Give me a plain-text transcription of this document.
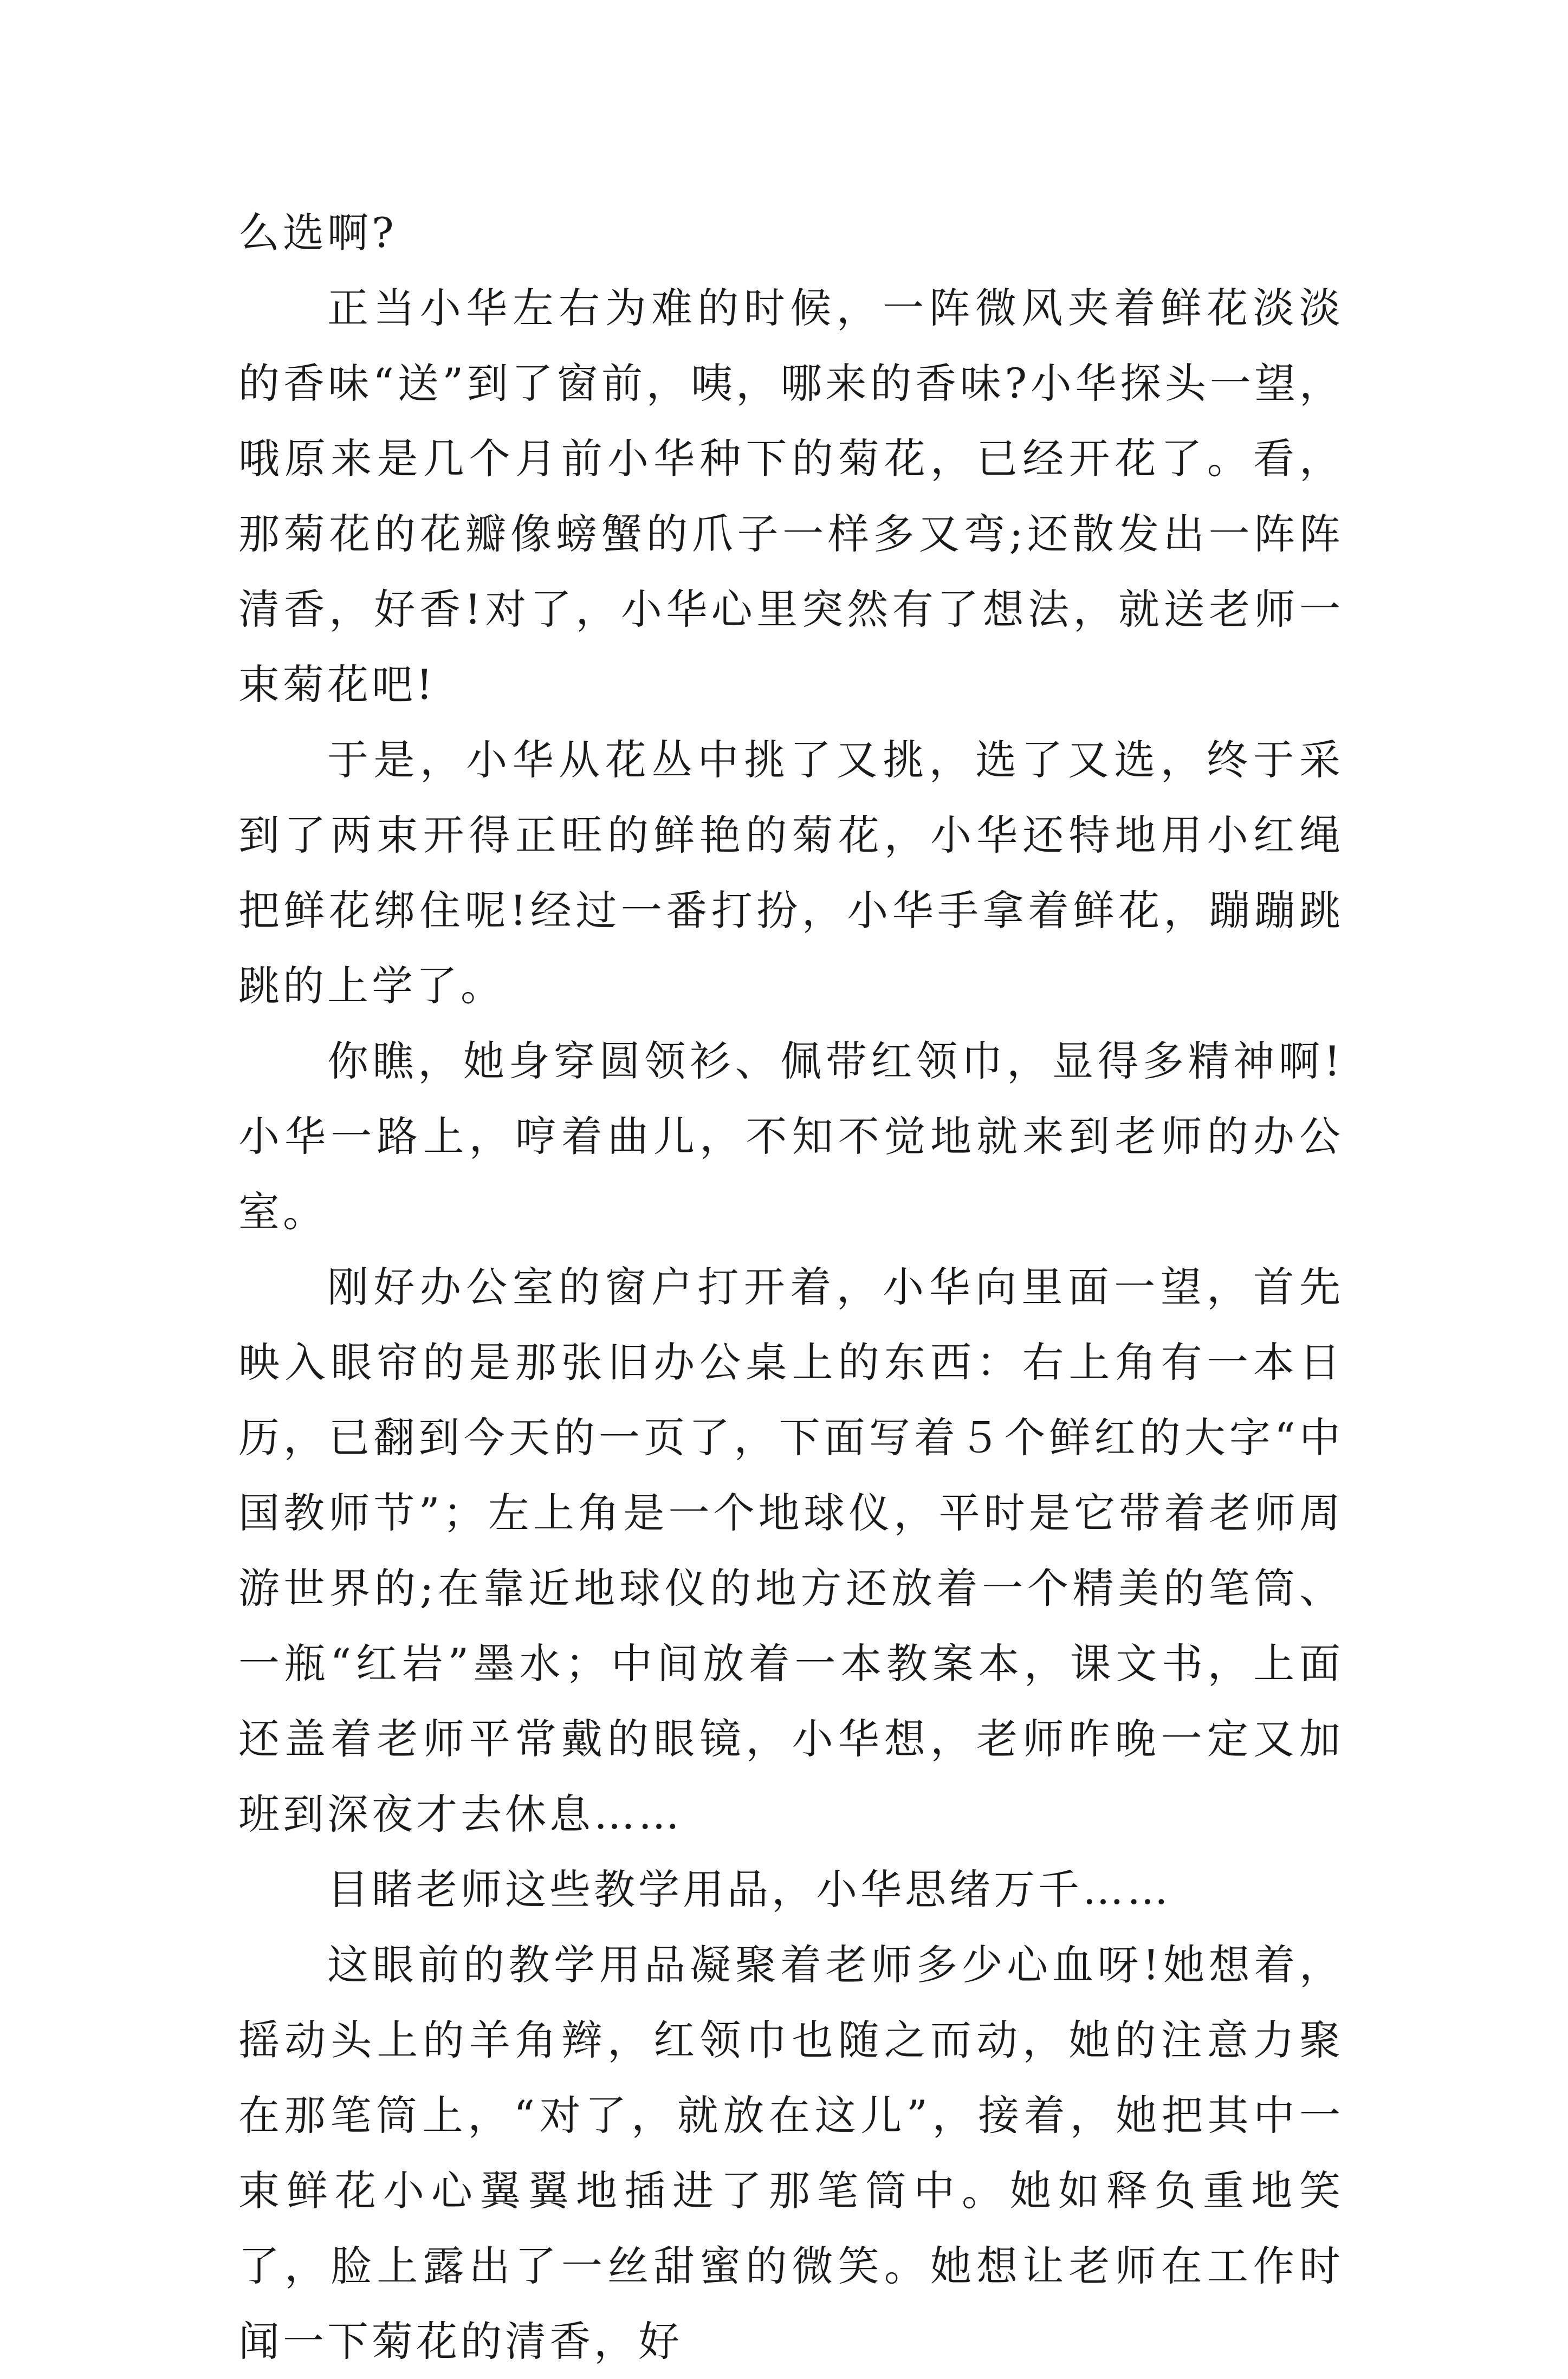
么选啊?

正当小华左右为难的时候，一阵微风夹着鲜花淡淡的香味“送”到了窗前，咦，哪来的香味?小华探头一望，哦原来是几个月前小华种下的菊花，已经开花了。看，那菊花的花瓣像螃蟹的爪子一样多又弯;还散发出一阵阵清香，好香!对了，小华心里突然有了想法，就送老师一束菊花吧!

于是，小华从花丛中挑了又挑，选了又选，终于采到了两束开得正旺的鲜艳的菊花，小华还特地用小红绳把鲜花绑住呢!经过一番打扮，小华手拿着鲜花，蹦蹦跳跳的上学了。

你瞧，她身穿圆领衫、佩带红领巾，显得多精神啊!小华一路上，哼着曲儿，不知不觉地就来到老师的办公室。

刚好办公室的窗户打开着，小华向里面一望，首先映入眼帘的是那张旧办公桌上的东西：右上角有一本日历，已翻到今天的一页了，下面写着５个鲜红的大字“中国教师节”；左上角是一个地球仪，平时是它带着老师周游世界的;在靠近地球仪的地方还放着一个精美的笔筒、一瓶“红岩”墨水；中间放着一本教案本，课文书，上面还盖着老师平常戴的眼镜，小华想，老师昨晚一定又加班到深夜才去休息……

目睹老师这些教学用品，小华思绪万千……

这眼前的教学用品凝聚着老师多少心血呀!她想着，摇动头上的羊角辫，红领巾也随之而动，她的注意力聚在那笔筒上，“对了，就放在这儿”，接着，她把其中一束鲜花小心翼翼地插进了那笔筒中。她如释负重地笑了，脸上露出了一丝甜蜜的微笑。她想让老师在工作时闻一下菊花的清香，好
